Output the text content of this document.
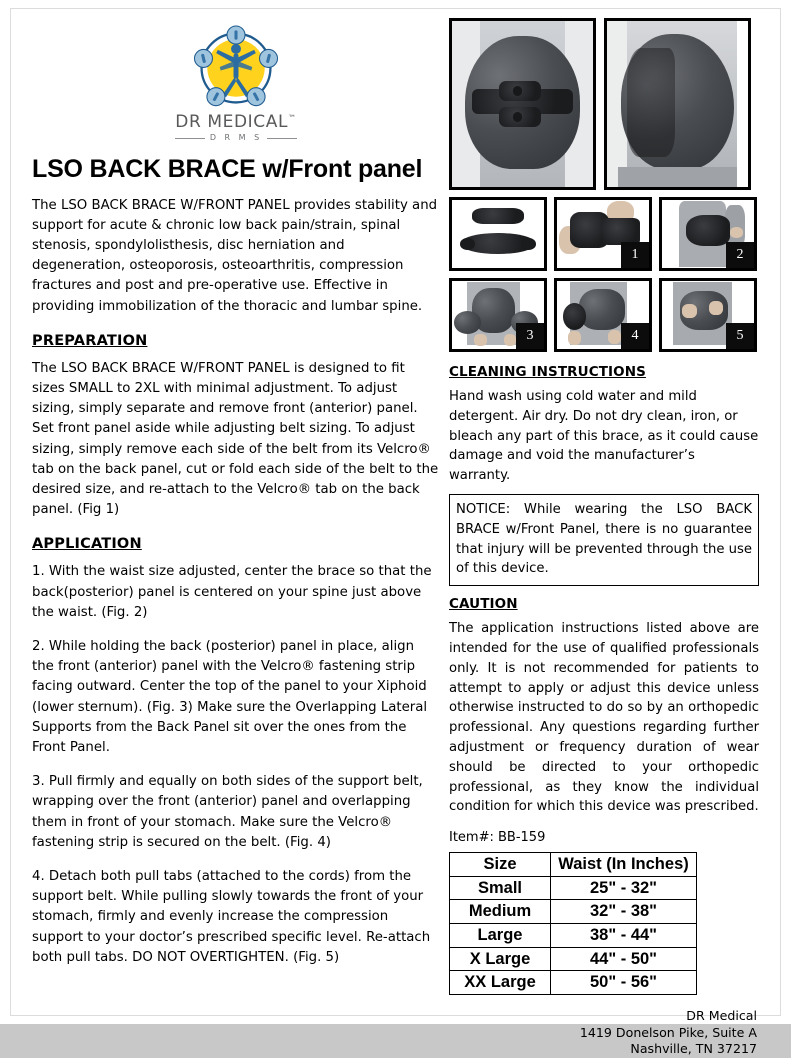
DR MEDICAL™
D R M S
LSO BACK BRACE w/Front panel

The LSO BACK BRACE W/FRONT PANEL provides stability and support for acute & chronic low back pain/strain, spinal stenosis, spondylolisthesis, disc herniation and degeneration, osteoporosis, osteoarthritis, compression fractures and post and pre-operative use. Effective in providing immobilization of the thoracic and lumbar spine.

PREPARATION

The LSO BACK BRACE W/FRONT PANEL is designed to fit sizes SMALL to 2XL with minimal adjustment. To adjust sizing, simply separate and remove front (anterior) panel. Set front panel aside while adjusting belt sizing. To adjust sizing, simply remove each side of the belt from its Velcro® tab on the back panel, cut or fold each side of the belt to the desired size, and re-attach to the Velcro® tab on the back panel. (Fig 1)

APPLICATION

1. With the waist size adjusted, center the brace so that the back(posterior) panel is centered on your spine just above the waist. (Fig. 2)

2. While holding the back (posterior) panel in place, align the front (anterior) panel with the Velcro® fastening strip facing outward. Center the top of the panel to your Xiphoid (lower sternum). (Fig. 3) Make sure the Overlapping Lateral Supports from the Back Panel sit over the ones from the Front Panel.

3. Pull firmly and equally on both sides of the support belt, wrapping over the front (anterior) panel and overlapping them in front of your stomach. Make sure the Velcro® fastening strip is secured on the belt. (Fig. 4)

4. Detach both pull tabs (attached to the cords) from the support belt. While pulling slowly towards the front of your stomach, firmly and evenly increase the compression support to your doctor’s prescribed specific level. Re-attach both pull tabs. DO NOT OVERTIGHTEN. (Fig. 5)

1	2
3	4	5
CLEANING INSTRUCTIONS

Hand wash using cold water and mild detergent. Air dry. Do not dry clean, iron, or bleach any part of this brace, as it could cause damage and void the manufacturer’s warranty.

NOTICE: While wearing the LSO BACK BRACE w/Front Panel, there is no guarantee that injury will be prevented through the use of this device.

CAUTION

The application instructions listed above are intended for the use of qualified professionals only. It is not recommended for patients to attempt to apply or adjust this device unless otherwise instructed to do so by an orthopedic professional. Any questions regarding further adjustment or frequency duration of wear should be directed to your orthopedic professional, as they know the individual condition for which this device was prescribed.

Item#: BB-159
Size	Waist (In Inches)
Small	25" - 32"
Medium	32" - 38"
Large	38" - 44"
X Large	44" - 50"
XX Large	50" - 56"
DR Medical
1419 Donelson Pike, Suite A
Nashville, TN 37217
